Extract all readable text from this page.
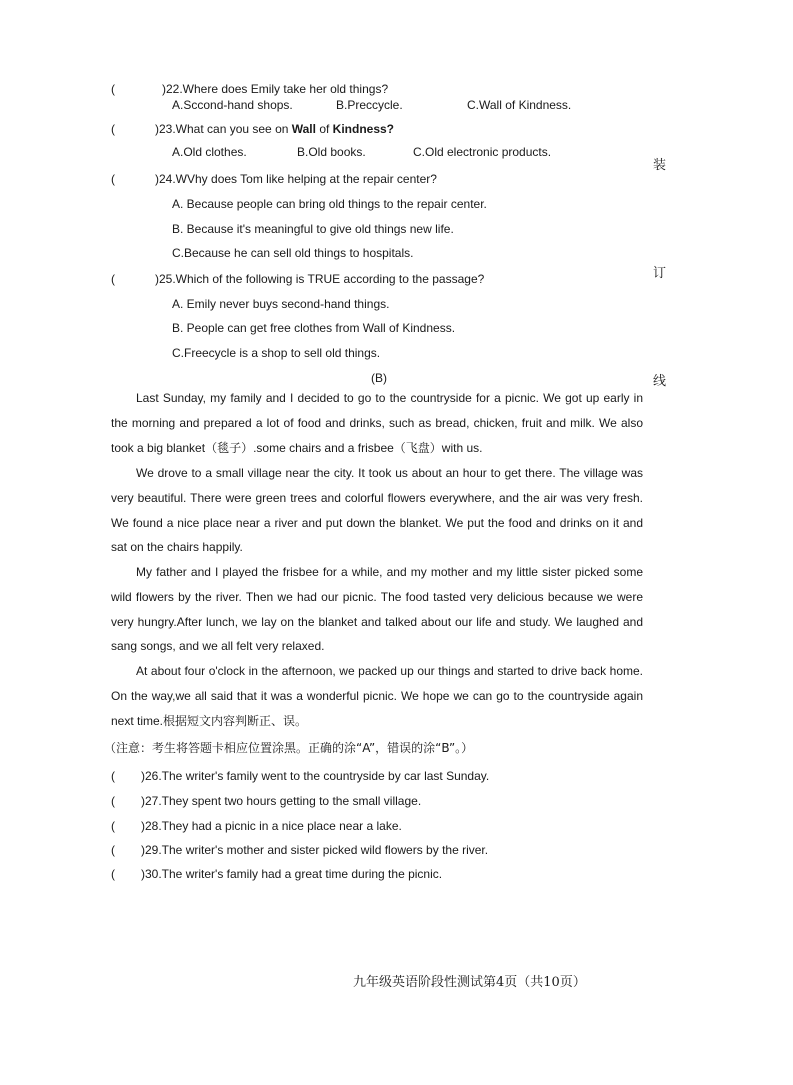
(	)22.Where does Emily take her old things?
A.Sccond-hand shops.	B.Preccycle.	C.Wall of Kindness.
(	)23.What can you see on Wall of Kindness?
A.Old clothes.	B.Old books.	C.Old electronic products.
(	)24.WVhy does Tom like helping at the repair center?
A. Because people can bring old things to the repair center.
B. Because it's meaningful to give old things new life.
C.Because he can sell old things to hospitals.
(	)25.Which of the following is TRUE according to the passage?
A. Emily never buys second-hand things.
B. People can get free clothes from Wall of Kindness.
C.Freecycle is a shop to sell old things.
装
订
线
(B)
Last Sunday, my family and I decided to go to the countryside for a picnic. We got up early in the morning and prepared a lot of food and drinks, such as bread, chicken, fruit and milk. We also took a big blanket（毯子）.some chairs and a frisbee（飞盘）with us.
We drove to a small village near the city. It took us about an hour to get there. The village was very beautiful. There were green trees and colorful flowers everywhere, and the air was very fresh. We found a nice place near a river and put down the blanket. We put the food and drinks on it and sat on the chairs happily.
My father and I played the frisbee for a while, and my mother and my little sister picked some wild flowers by the river. Then we had our picnic. The food tasted very delicious because we were very hungry.After lunch, we lay on the blanket and talked about our life and study. We laughed and sang songs, and we all felt very relaxed.
At about four o'clock in the afternoon, we packed up our things and started to drive back home. On the way,we all said that it was a wonderful picnic. We hope we can go to the countryside again next time.根据短文内容判断正、误。
（注意：考生将答题卡相应位置涂黑。正确的涂“A”，错误的涂“B”。）
( )26.The writer's family went to the countryside by car last Sunday.
( )27.They spent two hours getting to the small village.
( )28.They had a picnic in a nice place near a lake.
( )29.The writer's mother and sister picked wild flowers by the river.
( )30.The writer's family had a great time during the picnic.
九年级英语阶段性测试第4页（共10页）
